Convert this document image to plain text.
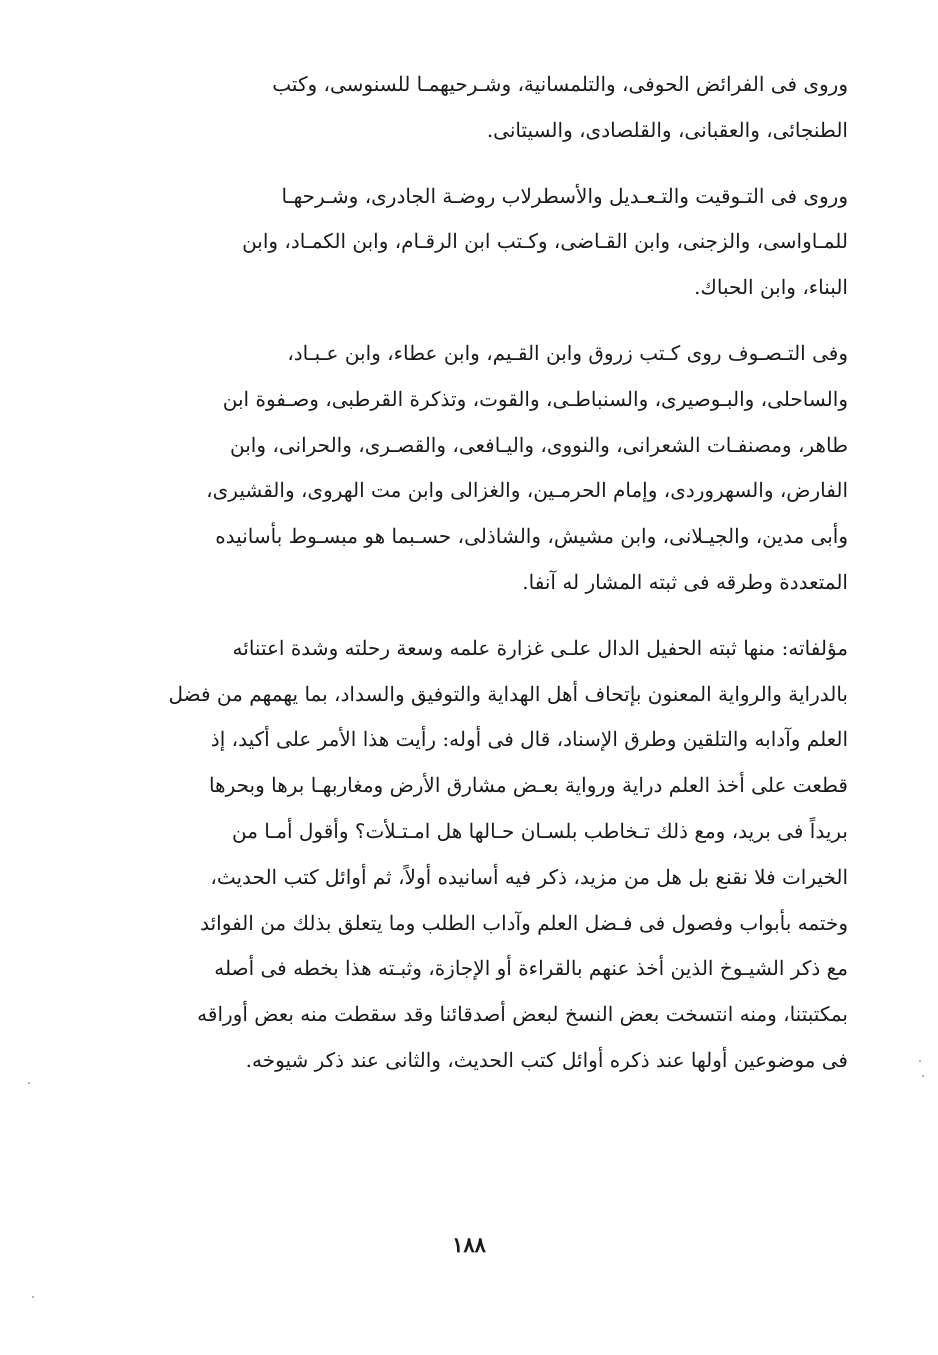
وروى فى الفرائض الحوفى، والتلمسانية، وشـرحيهمـا للسنوسى، وكتب
الطنجائى، والعقبانى، والقلصادى، والسيتانى.
وروى فى التـوقيت والتـعـديل والأسطرلاب روضـة الجادرى، وشـرحهـا
للمـاواسى، والزجنى، وابن القـاضى، وكـتب ابن الرقـام، وابن الكمـاد، وابن
البناء، وابن الحباك.
وفى التـصـوف روى كـتب زروق وابن القـيم، وابن عطاء، وابن عـبـاد،
والساحلى، والبـوصيرى، والسنباطـى، والقوت، وتذكرة القرطبى، وصـفوة ابن
طاهر، ومصنفـات الشعرانى، والنووى، واليـافعى، والقصـرى، والحرانى، وابن
الفارض، والسهروردى، وإمام الحرمـين، والغزالى وابن مت الهروى، والقشيرى،
وأبى مدين، والجيـلانى، وابن مشيش، والشاذلى، حسـبما هو مبسـوط بأسانيده
المتعددة وطرقه فى ثبته المشار له آنفا.
مؤلفاته: منها ثبته الحفيل الدال علـى غزارة علمه وسعة رحلته وشدة اعتنائه
بالدراية والرواية المعنون بإتحاف أهل الهداية والتوفيق والسداد، بما يهمهم من فضل
العلم وآدابه والتلقين وطرق الإسناد، قال فى أوله: رأيت هذا الأمر على أكيد، إذ
قطعت على أخذ العلم دراية ورواية بعـض مشارق الأرض ومغاربهـا برها وبحرها
بريداً فى بريد، ومع ذلك تـخاطب بلسـان حـالها هل امـتـلأت؟ وأقول أمـا من
الخيرات فلا نقنع بل هل من مزيد، ذكر فيه أسانيده أولاً، ثم أوائل كتب الحديث،
وختمه بأبواب وفصول فى فـضل العلم وآداب الطلب وما يتعلق بذلك من الفوائد
مع ذكر الشيـوخ الذين أخذ عنهم بالقراءة أو الإجازة، وثبـته هذا بخطه فى أصله
بمكتبتنا، ومنه انتسخت بعض النسخ لبعض أصدقائنا وقد سقطت منه بعض أوراقه
فى موضوعين أولها عند ذكره أوائل كتب الحديث، والثانى عند ذكر شيوخه.
١٨٨
